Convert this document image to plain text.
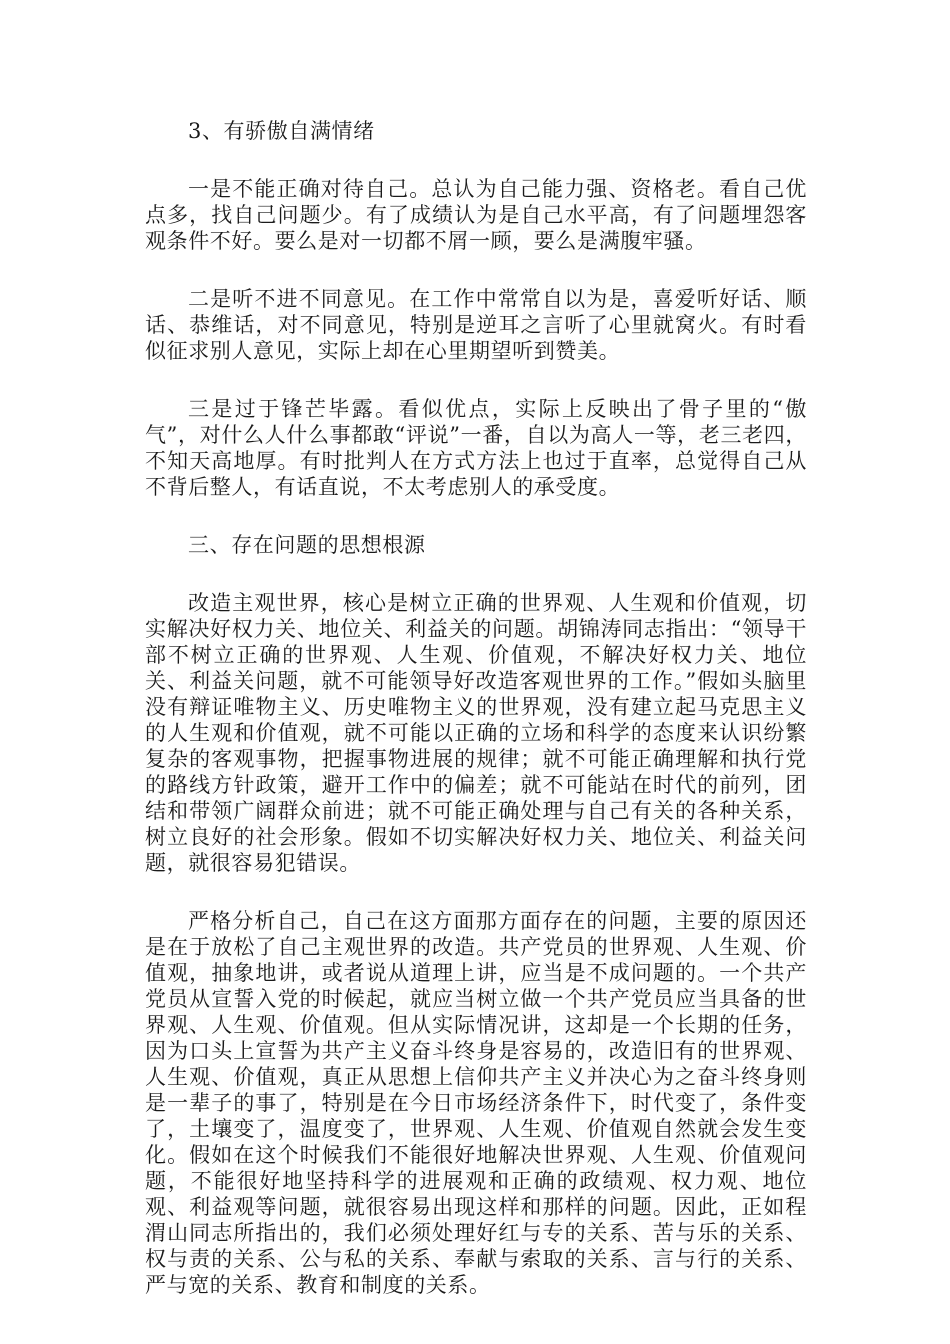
3、有骄傲自满情绪

一是不能正确对待自己。总认为自己能力强、资格老。看自己优点多，找自己问题少。有了成绩认为是自己水平高，有了问题埋怨客观条件不好。要么是对一切都不屑一顾，要么是满腹牢骚。

二是听不进不同意见。在工作中常常自以为是，喜爱听好话、顺话、恭维话，对不同意见，特别是逆耳之言听了心里就窝火。有时看似征求别人意见，实际上却在心里期望听到赞美。

三是过于锋芒毕露。看似优点，实际上反映出了骨子里的“傲气”，对什么人什么事都敢“评说”一番，自以为高人一等，老三老四，不知天高地厚。有时批判人在方式方法上也过于直率，总觉得自己从不背后整人，有话直说，不太考虑别人的承受度。

三、存在问题的思想根源

改造主观世界，核心是树立正确的世界观、人生观和价值观，切实解决好权力关、地位关、利益关的问题。胡锦涛同志指出：“领导干部不树立正确的世界观、人生观、价值观，不解决好权力关、地位关、利益关问题，就不可能领导好改造客观世界的工作。”假如头脑里没有辩证唯物主义、历史唯物主义的世界观，没有建立起马克思主义的人生观和价值观，就不可能以正确的立场和科学的态度来认识纷繁复杂的客观事物，把握事物进展的规律；就不可能正确理解和执行党的路线方针政策，避开工作中的偏差；就不可能站在时代的前列，团结和带领广阔群众前进；就不可能正确处理与自己有关的各种关系，树立良好的社会形象。假如不切实解决好权力关、地位关、利益关问题，就很容易犯错误。

严格分析自己，自己在这方面那方面存在的问题，主要的原因还是在于放松了自己主观世界的改造。共产党员的世界观、人生观、价值观，抽象地讲，或者说从道理上讲，应当是不成问题的。一个共产党员从宣誓入党的时候起，就应当树立做一个共产党员应当具备的世界观、人生观、价值观。但从实际情况讲，这却是一个长期的任务，因为口头上宣誓为共产主义奋斗终身是容易的，改造旧有的世界观、人生观、价值观，真正从思想上信仰共产主义并决心为之奋斗终身则是一辈子的事了，特别是在今日市场经济条件下，时代变了，条件变了，土壤变了，温度变了，世界观、人生观、价值观自然就会发生变化。假如在这个时候我们不能很好地解决世界观、人生观、价值观问题，不能很好地坚持科学的进展观和正确的政绩观、权力观、地位观、利益观等问题，就很容易出现这样和那样的问题。因此，正如程渭山同志所指出的，我们必须处理好红与专的关系、苦与乐的关系、权与责的关系、公与私的关系、奉献与索取的关系、言与行的关系、严与宽的关系、教育和制度的关系。
